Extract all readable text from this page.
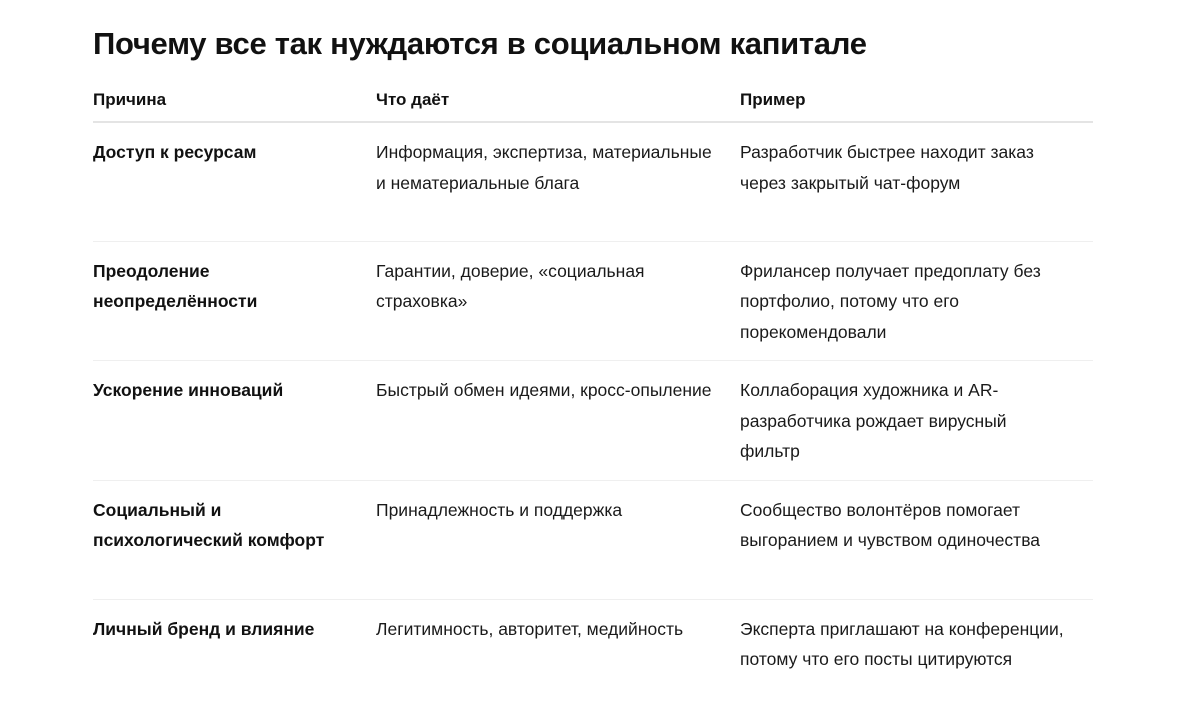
Почему все так нуждаются в социальном капитале
Причина	Что даёт	Пример
Доступ к ресурсам	Информация, экспертиза, материальные и нематериальные блага	Разработчик быстрее находит заказ через закрытый чат-форум
Преодоление неопределённости	Гарантии, доверие, «социальная страховка»	Фрилансер получает предоплату без портфолио, потому что его порекомендовали
Ускорение инноваций	Быстрый обмен идеями, кросс-опыление	Коллаборация художника и AR-разработчика рождает вирусный фильтр
Социальный и психологический комфорт	Принадлежность и поддержка	Сообщество волонтёров помогает выгоранием и чувством одиночества
Личный бренд и влияние	Легитимность, авторитет, медийность	Эксперта приглашают на конференции, потому что его посты цитируются
